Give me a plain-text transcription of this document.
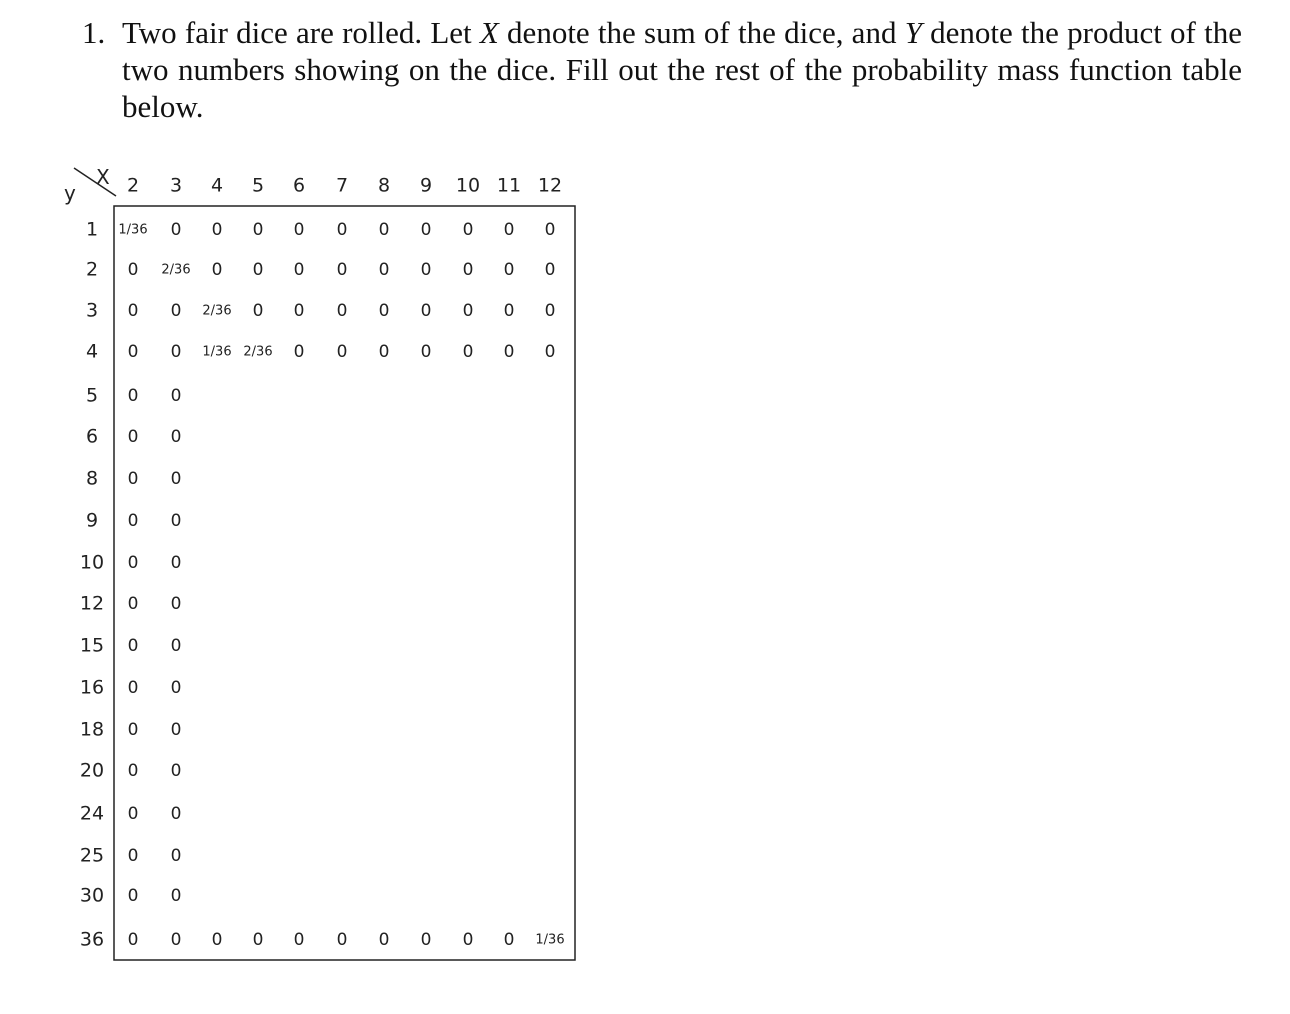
1. Two fair dice are rolled. Let X denote the sum of the dice, and Y denote the product of the two numbers showing on the dice. Fill out the rest of the probability mass function table below.
X
y	2 3 4 5 6 7 8 9 10 11 12
1
2
3
4
5
6
8
9
10
12
15
16
18
20
24
25
30
36
1/36 0 0 0 0 0 0 0 0 0 0
0 2/36 0 0 0 0 0 0 0 0 0
0 0 2/36 0 0 0 0 0 0 0 0
0 0 1/36 2/36 0 0 0 0 0 0 0
0 0
0 0
0 0
0 0
0 0
0 0
0 0
0 0
0 0
0 0
0 0
0 0
0 0
0 0 0 0 0 0 0 0 0 0 1/36
